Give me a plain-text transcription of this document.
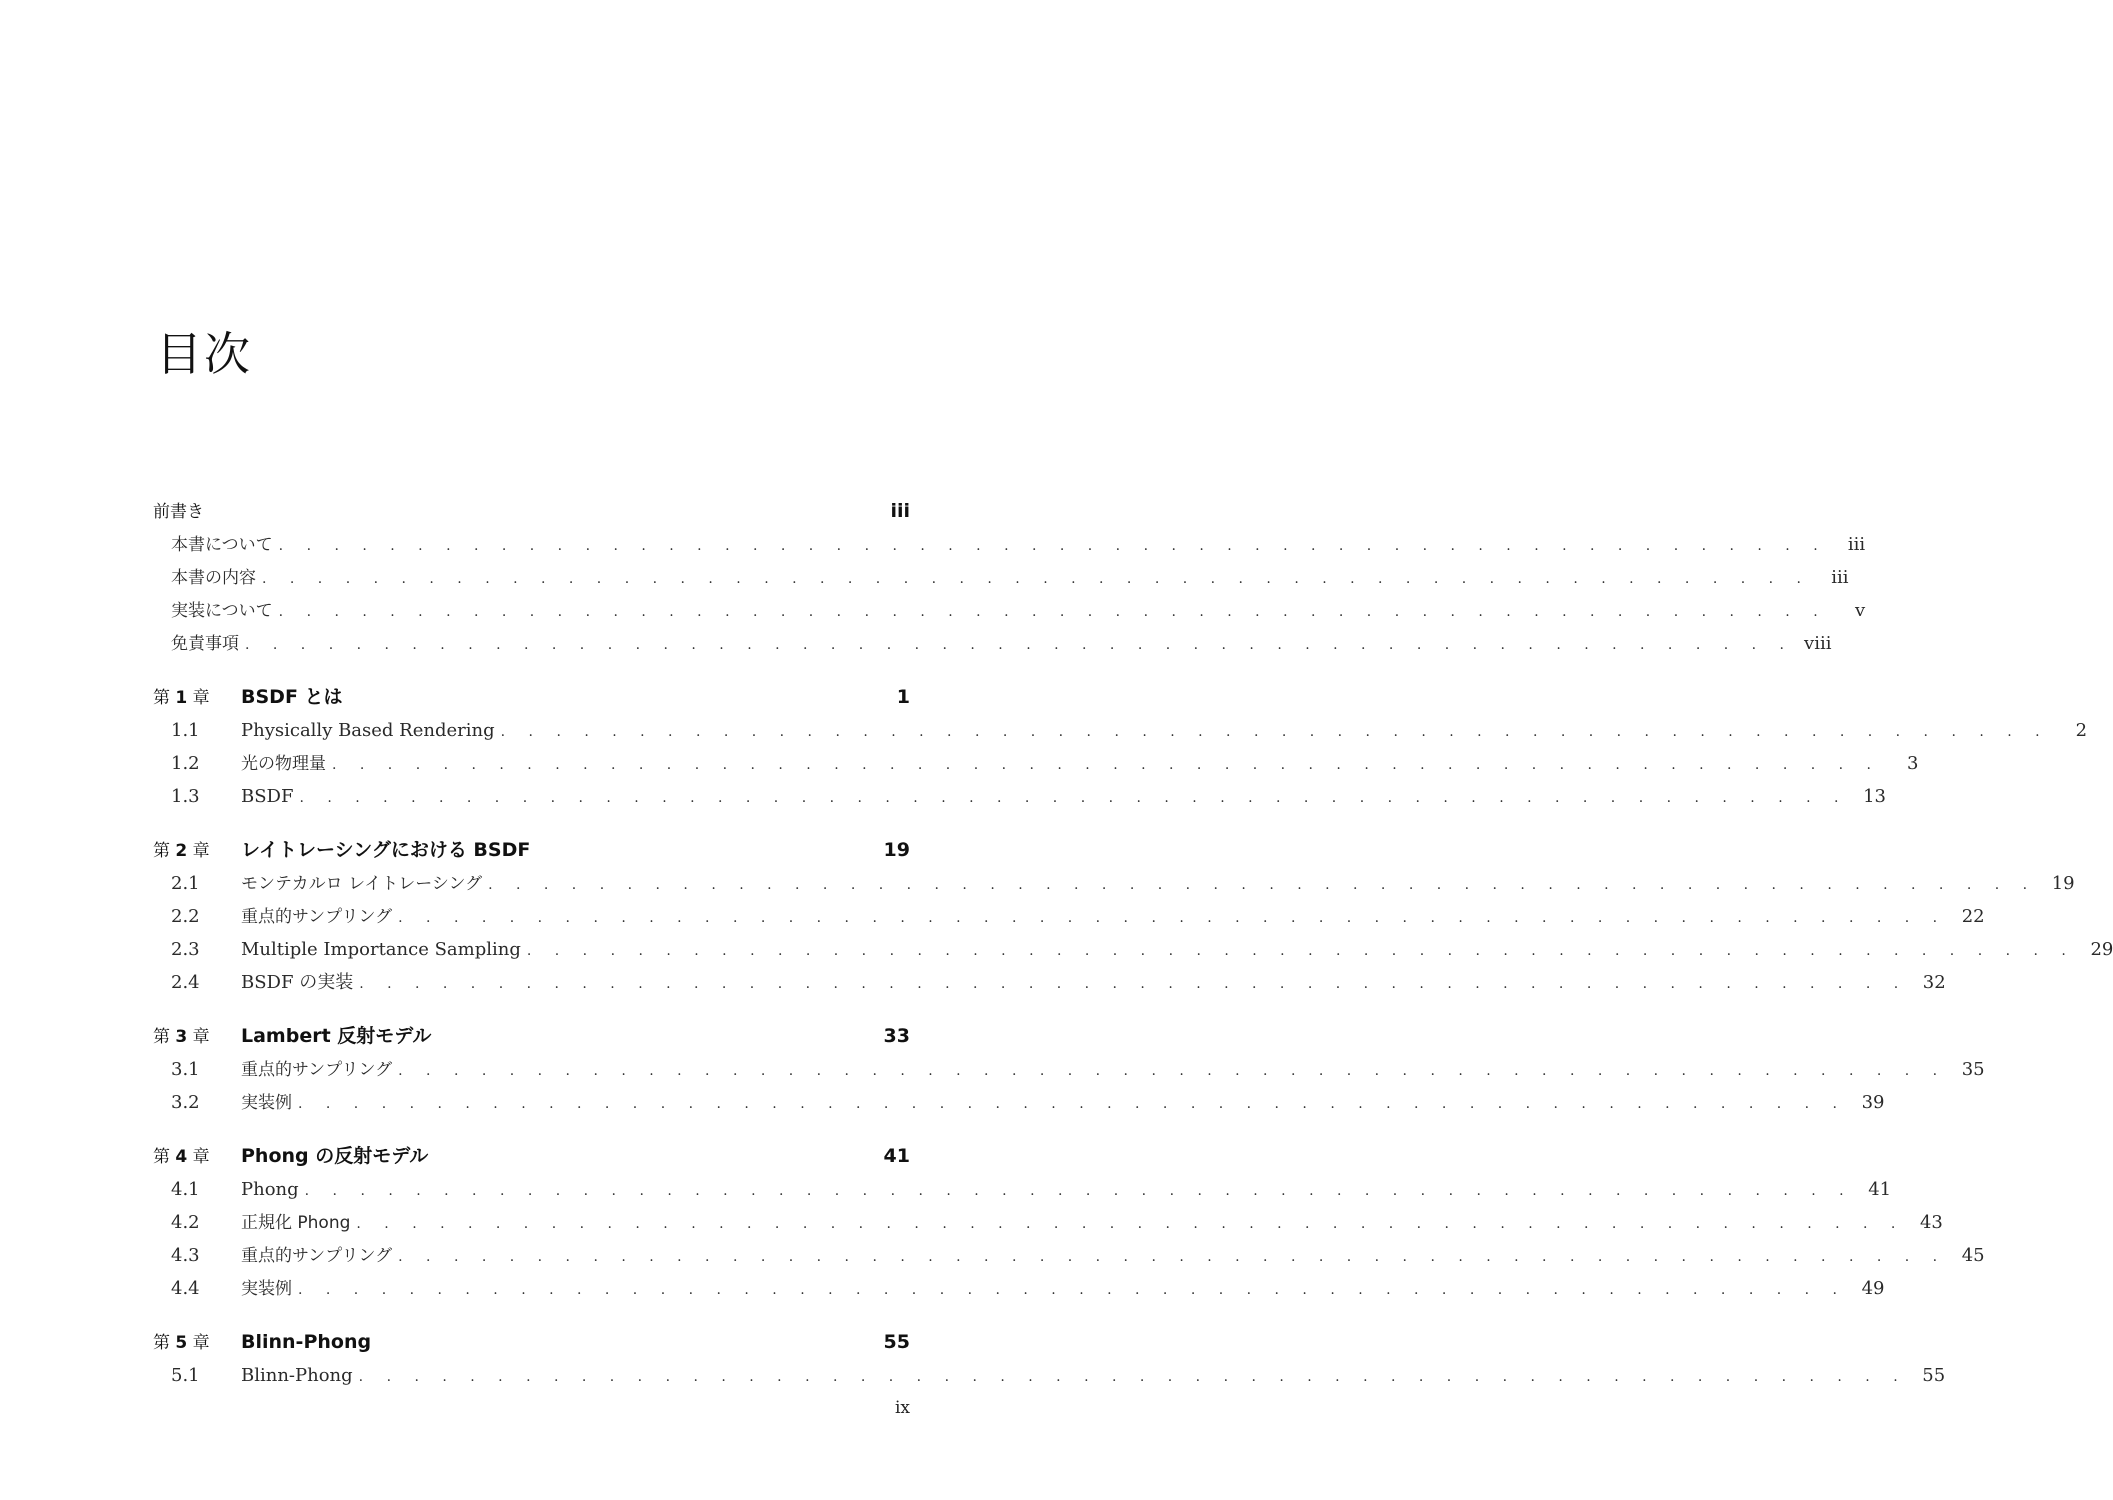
目次
前書き	iii
本書について . . . . . . . . . . . . . . . . . . . . . . . . . . . . . . . . . . . . . . . . . . . . . . . . . . . . . . . .	iii
本書の内容 . . . . . . . . . . . . . . . . . . . . . . . . . . . . . . . . . . . . . . . . . . . . . . . . . . . . . . . .	iii
実装について . . . . . . . . . . . . . . . . . . . . . . . . . . . . . . . . . . . . . . . . . . . . . . . . . . . . . . . .	v
免責事項 . . . . . . . . . . . . . . . . . . . . . . . . . . . . . . . . . . . . . . . . . . . . . . . . . . . . . . . . viii
第 1 章	BSDF とは	1
1.1	Physically Based Rendering . . . . . . . . . . . . . . . . . . . . . . . . . . . . . . . . . . . . . . . . . . . . . . . . . . . . . . . .	2
1.2	光の物理量 . . . . . . . . . . . . . . . . . . . . . . . . . . . . . . . . . . . . . . . . . . . . . . . . . . . . . . . .	3
1.3	BSDF . . . . . . . . . . . . . . . . . . . . . . . . . . . . . . . . . . . . . . . . . . . . . . . . . . . . . . . . 13
第 2 章	レイトレーシングにおける BSDF	19
2.1	モンテカルロ レイトレーシング . . . . . . . . . . . . . . . . . . . . . . . . . . . . . . . . . . . . . . . . . . . . . . . . . . . . . . . . 19
2.2	重点的サンプリング . . . . . . . . . . . . . . . . . . . . . . . . . . . . . . . . . . . . . . . . . . . . . . . . . . . . . . . . 22
2.3	Multiple Importance Sampling . . . . . . . . . . . . . . . . . . . . . . . . . . . . . . . . . . . . . . . . . . . . . . . . . . . . . . . . 29
2.4	BSDF の実装 . . . . . . . . . . . . . . . . . . . . . . . . . . . . . . . . . . . . . . . . . . . . . . . . . . . . . . . . 32
第 3 章	Lambert 反射モデル	33
3.1	重点的サンプリング . . . . . . . . . . . . . . . . . . . . . . . . . . . . . . . . . . . . . . . . . . . . . . . . . . . . . . . . 35
3.2	実装例 . . . . . . . . . . . . . . . . . . . . . . . . . . . . . . . . . . . . . . . . . . . . . . . . . . . . . . . . 39
第 4 章	Phong の反射モデル	41
4.1	Phong . . . . . . . . . . . . . . . . . . . . . . . . . . . . . . . . . . . . . . . . . . . . . . . . . . . . . . . . 41
4.2	正規化 Phong . . . . . . . . . . . . . . . . . . . . . . . . . . . . . . . . . . . . . . . . . . . . . . . . . . . . . . . . 43
4.3	重点的サンプリング . . . . . . . . . . . . . . . . . . . . . . . . . . . . . . . . . . . . . . . . . . . . . . . . . . . . . . . . 45
4.4	実装例 . . . . . . . . . . . . . . . . . . . . . . . . . . . . . . . . . . . . . . . . . . . . . . . . . . . . . . . . 49
第 5 章	Blinn-Phong	55
5.1	Blinn-Phong . . . . . . . . . . . . . . . . . . . . . . . . . . . . . . . . . . . . . . . . . . . . . . . . . . . . . . . . 55
ix
